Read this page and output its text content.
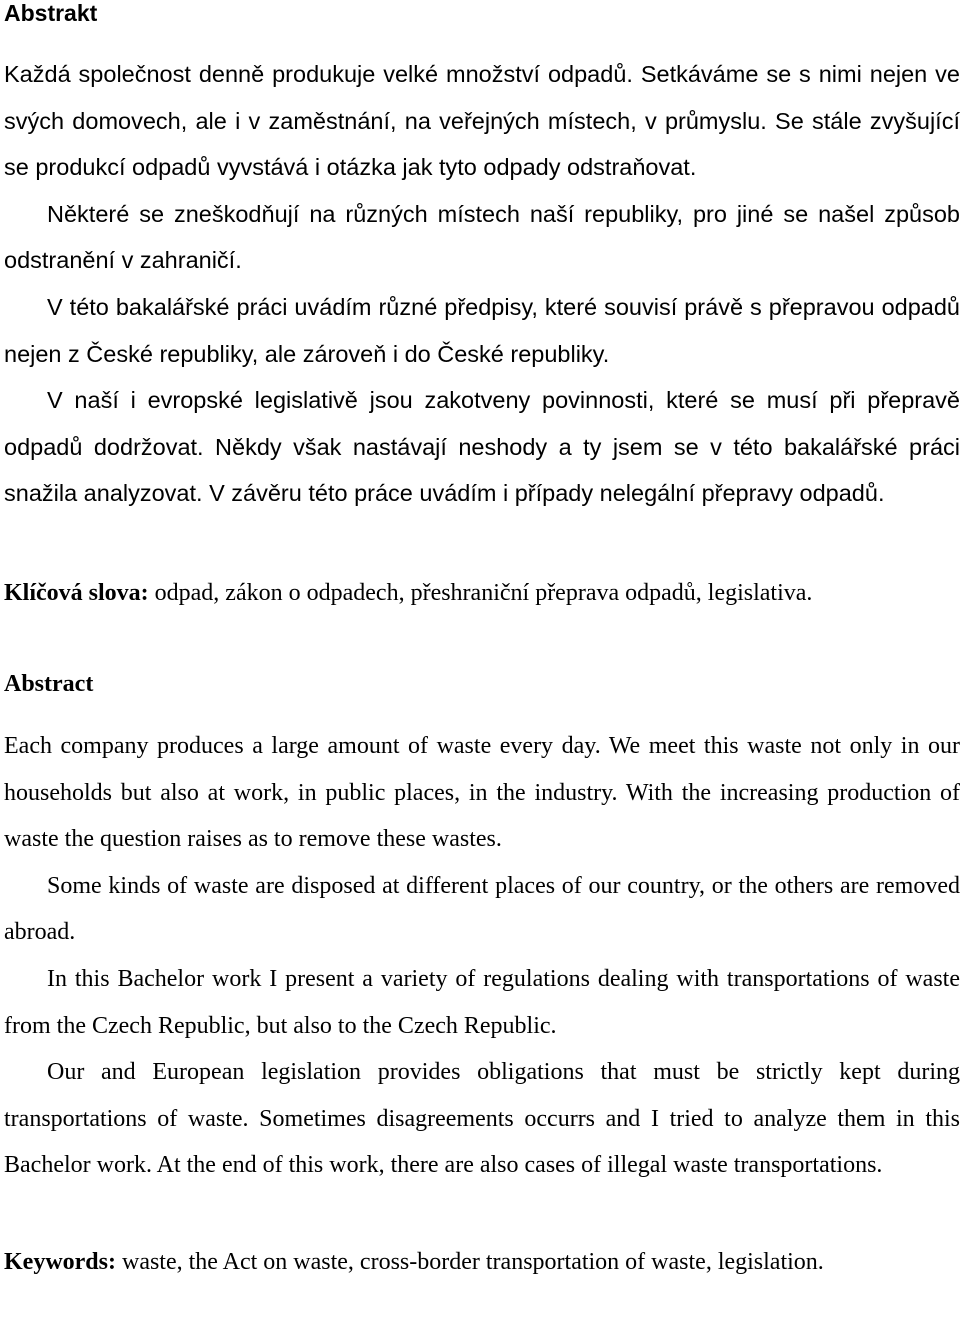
Abstrakt

Každá společnost denně produkuje velké množství odpadů. Setkáváme se s nimi nejen ve svých domovech, ale i v zaměstnání, na veřejných místech, v průmyslu. Se stále zvyšující se produkcí odpadů vyvstává i otázka jak tyto odpady odstraňovat.

Některé se zneškodňují na různých místech naší republiky, pro jiné se našel způsob odstranění v zahraničí.

V této bakalářské práci uvádím různé předpisy, které souvisí právě s přepravou odpadů nejen z České republiky, ale zároveň i do České republiky.

V naší i evropské legislativě jsou zakotveny povinnosti, které se musí při přepravě odpadů dodržovat. Někdy však nastávají neshody a ty jsem se v této bakalářské práci snažila analyzovat. V závěru této práce uvádím i případy nelegální přepravy odpadů.

Klíčová slova: odpad, zákon o odpadech, přeshraniční přeprava odpadů, legislativa.

Abstract

Each company produces a large amount of waste every day. We meet this waste not only in our households but also at work, in public places, in the industry. With the increasing production of waste the question raises as to remove these wastes.

Some kinds of waste are disposed at different places of our country, or the others are removed abroad.

In this Bachelor work I present a variety of regulations dealing with transportations of waste from the Czech Republic, but also to the Czech Republic.

Our and European legislation provides obligations that must be strictly kept during transportations of waste. Sometimes disagreements occurrs and I tried to analyze them in this Bachelor work. At the end of this work, there are also cases of illegal waste transportations.

Keywords: waste, the Act on waste, cross-border transportation of waste, legislation.
